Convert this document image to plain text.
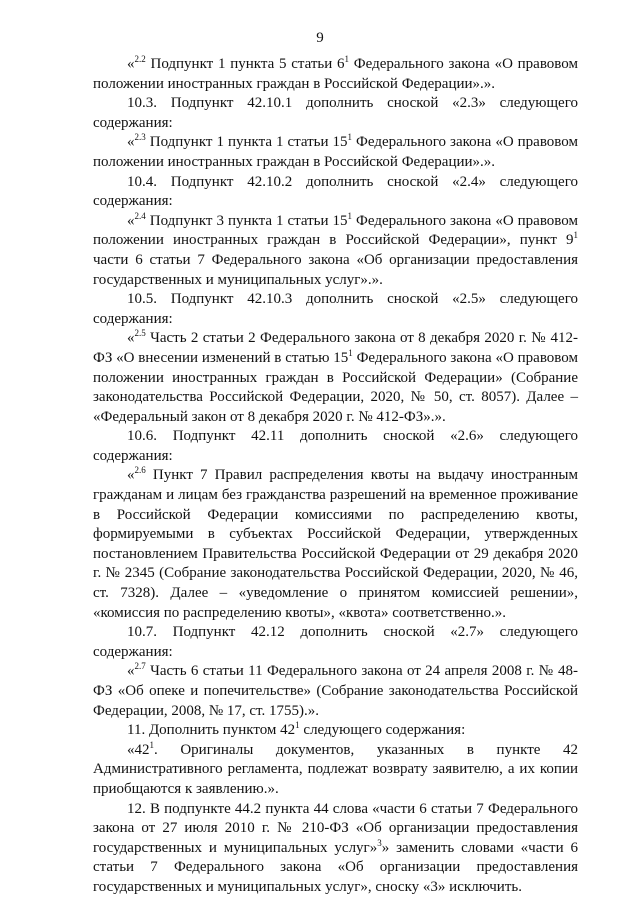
9

«$^{2.2}$ Подпункт 1 пункта 5 статьи $6^1$ Федерального закона «О правовом положении иностранных граждан в Российской Федерации».».

10.3. Подпункт 42.10.1 дополнить сноской «2.3» следующего содержания:

«$^{2.3}$ Подпункт 1 пункта 1 статьи $15^1$ Федерального закона «О правовом положении иностранных граждан в Российской Федерации».».

10.4. Подпункт 42.10.2 дополнить сноской «2.4» следующего содержания:

«$^{2.4}$ Подпункт 3 пункта 1 статьи $15^1$ Федерального закона «О правовом положении иностранных граждан в Российской Федерации», пункт $9^1$ части 6 статьи 7 Федерального закона «Об организации предоставления государственных и муниципальных услуг».».

10.5. Подпункт 42.10.3 дополнить сноской «2.5» следующего содержания:

«$^{2.5}$ Часть 2 статьи 2 Федерального закона от 8 декабря 2020 г. № 412-ФЗ «О внесении изменений в статью $15^1$ Федерального закона «О правовом положении иностранных граждан в Российской Федерации» (Собрание законодательства Российской Федерации, 2020, № 50, ст. 8057). Далее – «Федеральный закон от 8 декабря 2020 г. № 412-ФЗ».».

10.6. Подпункт 42.11 дополнить сноской «2.6» следующего содержания:

«$^{2.6}$ Пункт 7 Правил распределения квоты на выдачу иностранным гражданам и лицам без гражданства разрешений на временное проживание в Российской Федерации комиссиями по распределению квоты, формируемыми в субъектах Российской Федерации, утвержденных постановлением Правительства Российской Федерации от 29 декабря 2020 г. № 2345 (Собрание законодательства Российской Федерации, 2020, № 46, ст. 7328). Далее – «уведомление о принятом комиссией решении», «комиссия по распределению квоты», «квота» соответственно.».

10.7. Подпункт 42.12 дополнить сноской «2.7» следующего содержания:

«$^{2.7}$ Часть 6 статьи 11 Федерального закона от 24 апреля 2008 г. № 48-ФЗ «Об опеке и попечительстве» (Собрание законодательства Российской Федерации, 2008, № 17, ст. 1755).».

11. Дополнить пунктом $42^1$ следующего содержания:

«$42^1$. Оригиналы документов, указанных в пункте 42 Административного регламента, подлежат возврату заявителю, а их копии приобщаются к заявлению.».

12. В подпункте 44.2 пункта 44 слова «части 6 статьи 7 Федерального закона от 27 июля 2010 г. № 210-ФЗ «Об организации предоставления государственных и муниципальных услуг»$^3$» заменить словами «части 6 статьи 7 Федерального закона «Об организации предоставления государственных и муниципальных услуг», сноску «3» исключить.
